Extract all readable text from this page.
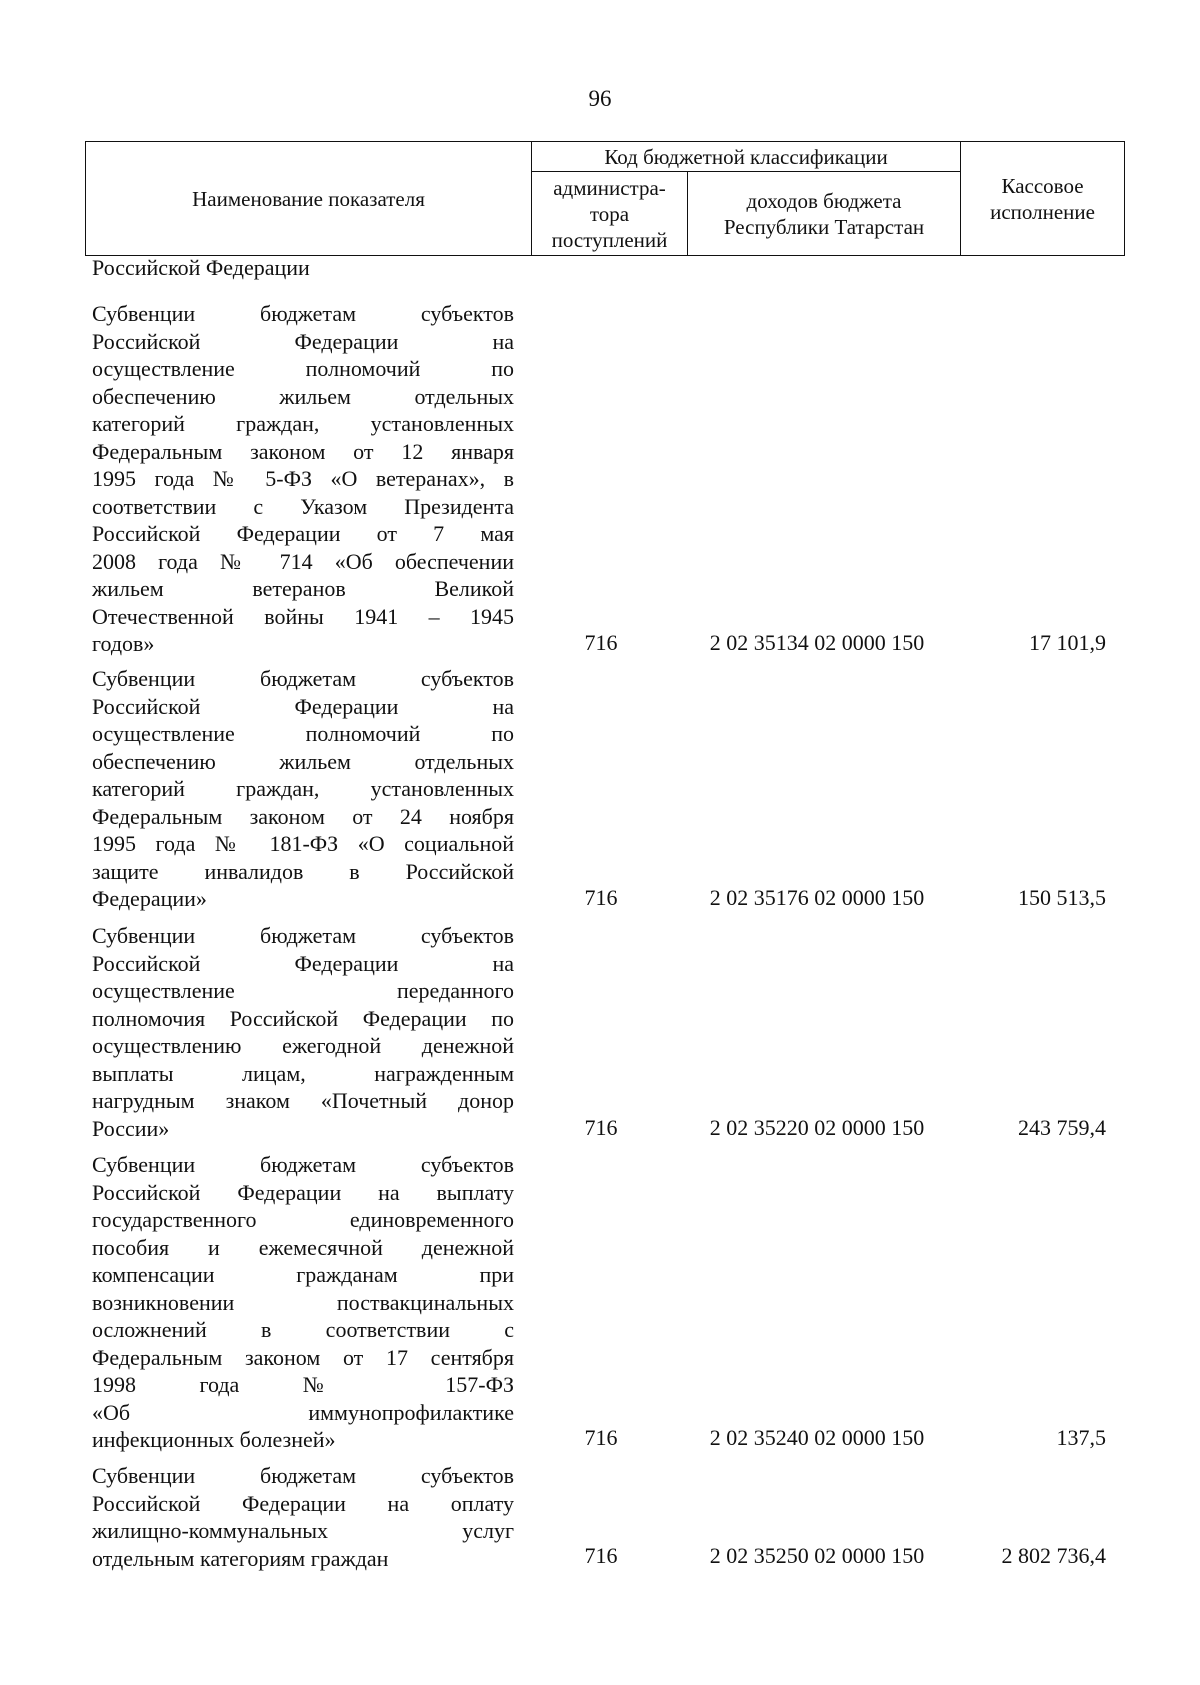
96
Наименование показателя	Код бюджетной классификации		Кассовое
исполнение
	администра-
тора
поступлений	доходов бюджета
Республики Татарстан	
Российской Федерации
Субвенции бюджетам субъектов
Российской Федерации на
осуществление полномочий по
обеспечению жильем отдельных
категорий граждан, установленных
Федеральным законом от 12 января
1995 года № 5-ФЗ «О ветеранах», в
соответствии с Указом Президента
Российской Федерации от 7 мая
2008 года № 714 «Об обеспечении
жильем ветеранов Великой
Отечественной войны 1941 – 1945
годов»	716	2 02 35134 02 0000 150	17 101,9
Субвенции бюджетам субъектов
Российской Федерации на
осуществление полномочий по
обеспечению жильем отдельных
категорий граждан, установленных
Федеральным законом от 24 ноября
1995 года № 181-ФЗ «О социальной
защите инвалидов в Российской
Федерации»	716	2 02 35176 02 0000 150	150 513,5
Субвенции бюджетам субъектов
Российской Федерации на
осуществление переданного
полномочия Российской Федерации по
осуществлению ежегодной денежной
выплаты лицам, награжденным
нагрудным знаком «Почетный донор
России»	716	2 02 35220 02 0000 150	243 759,4
Субвенции бюджетам субъектов
Российской Федерации на выплату
государственного единовременного
пособия и ежемесячной денежной
компенсации гражданам при
возникновении поствакцинальных
осложнений в соответствии с
Федеральным законом от 17 сентября
1998 года № 157-ФЗ
«Об иммунопрофилактике
инфекционных болезней»	716	2 02 35240 02 0000 150	137,5
Субвенции бюджетам субъектов
Российской Федерации на оплату
жилищно-коммунальных услуг
отдельным категориям граждан	716	2 02 35250 02 0000 150	2 802 736,4
